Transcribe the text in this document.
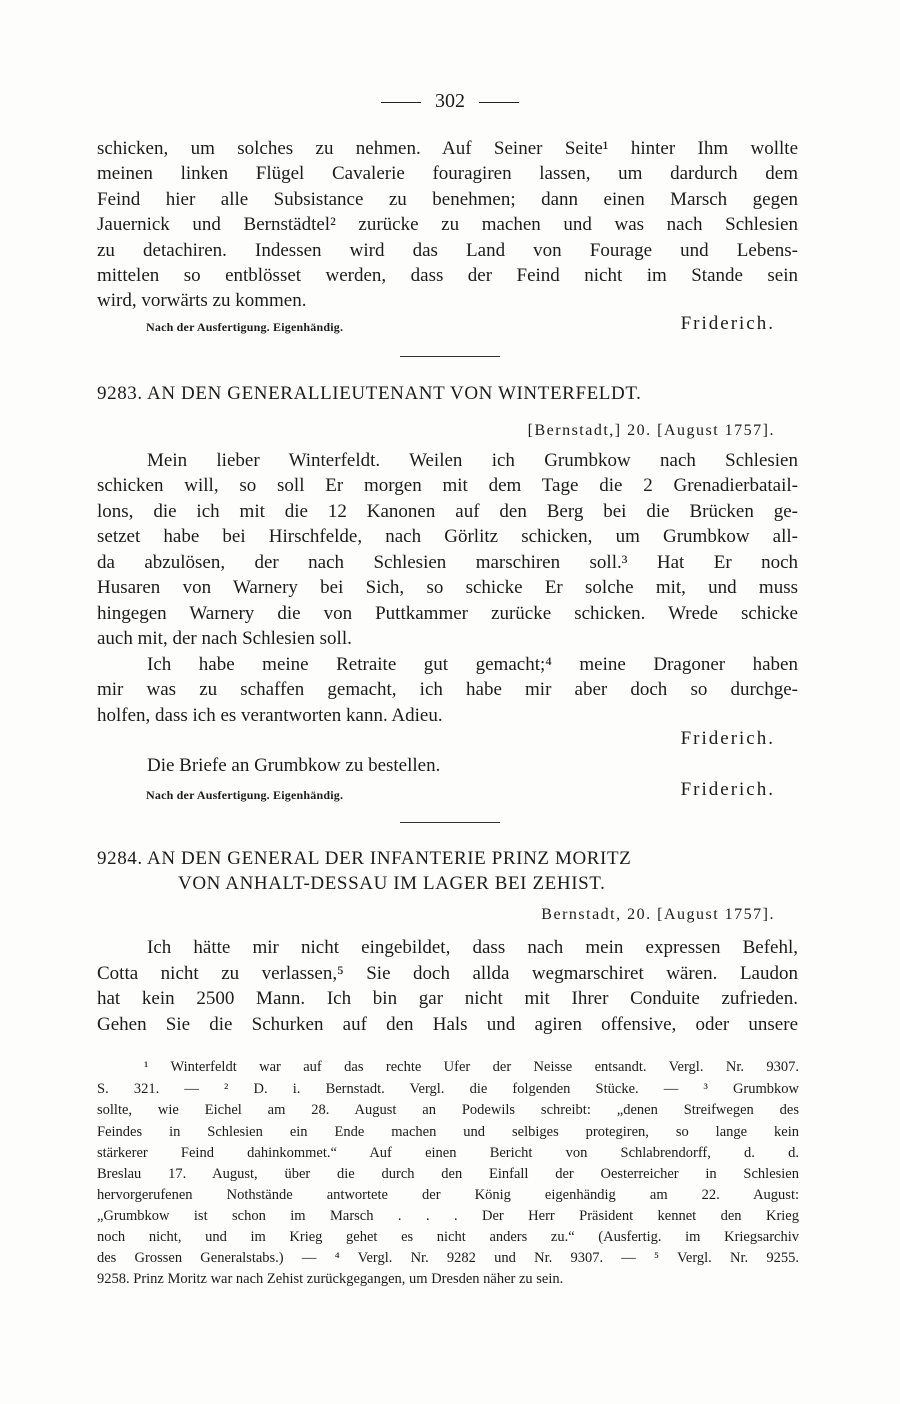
302
schicken, um solches zu nehmen. Auf Seiner Seite¹ hinter Ihm wollte
meinen linken Flügel Cavalerie fouragiren lassen, um dardurch dem
Feind hier alle Subsistance zu benehmen; dann einen Marsch gegen
Jauernick und Bernstädtel² zurücke zu machen und was nach Schlesien
zu detachiren. Indessen wird das Land von Fourage und Lebens-
mittelen so entblösset werden, dass der Feind nicht im Stande sein
wird, vorwärts zu kommen.
Nach der Ausfertigung. Eigenhändig.	Friderich.
9283. AN DEN GENERALLIEUTENANT VON WINTERFELDT.
[Bernstadt,] 20. [August 1757].
Mein lieber Winterfeldt. Weilen ich Grumbkow nach Schlesien
schicken will, so soll Er morgen mit dem Tage die 2 Grenadierbatail-
lons, die ich mit die 12 Kanonen auf den Berg bei die Brücken ge-
setzet habe bei Hirschfelde, nach Görlitz schicken, um Grumbkow all-
da abzulösen, der nach Schlesien marschiren soll.³ Hat Er noch
Husaren von Warnery bei Sich, so schicke Er solche mit, und muss
hingegen Warnery die von Puttkammer zurücke schicken. Wrede schicke
auch mit, der nach Schlesien soll.
Ich habe meine Retraite gut gemacht;⁴ meine Dragoner haben
mir was zu schaffen gemacht, ich habe mir aber doch so durchge-
holfen, dass ich es verantworten kann. Adieu.
Friderich.
Die Briefe an Grumbkow zu bestellen.
Nach der Ausfertigung. Eigenhändig.	Friderich.
9284. AN DEN GENERAL DER INFANTERIE PRINZ MORITZ
VON ANHALT-DESSAU IM LAGER BEI ZEHIST.
Bernstadt, 20. [August 1757].
Ich hätte mir nicht eingebildet, dass nach mein expressen Befehl,
Cotta nicht zu verlassen,⁵ Sie doch allda wegmarschiret wären. Laudon
hat kein 2500 Mann. Ich bin gar nicht mit Ihrer Conduite zufrieden.
Gehen Sie die Schurken auf den Hals und agiren offensive, oder unsere
¹ Winterfeldt war auf das rechte Ufer der Neisse entsandt. Vergl. Nr. 9307.
S. 321. — ² D. i. Bernstadt. Vergl. die folgenden Stücke. — ³ Grumbkow
sollte, wie Eichel am 28. August an Podewils schreibt: „denen Streifwegen des
Feindes in Schlesien ein Ende machen und selbiges protegiren, so lange kein
stärkerer Feind dahinkommet.“ Auf einen Bericht von Schlabrendorff, d. d.
Breslau 17. August, über die durch den Einfall der Oesterreicher in Schlesien
hervorgerufenen Nothstände antwortete der König eigenhändig am 22. August:
„Grumbkow ist schon im Marsch . . . Der Herr Präsident kennet den Krieg
noch nicht, und im Krieg gehet es nicht anders zu.“ (Ausfertig. im Kriegsarchiv
des Grossen Generalstabs.) — ⁴ Vergl. Nr. 9282 und Nr. 9307. — ⁵ Vergl. Nr. 9255.
9258. Prinz Moritz war nach Zehist zurückgegangen, um Dresden näher zu sein.
